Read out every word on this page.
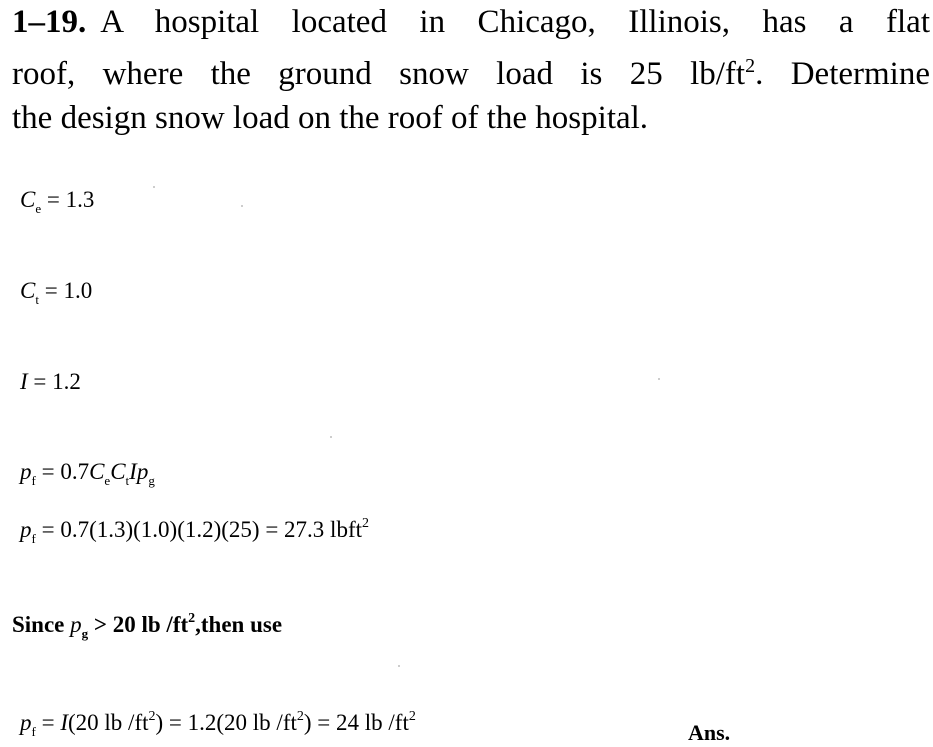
1–19. A hospital located in Chicago, Illinois, has a flat
roof, where the ground snow load is 25 $lb/ft^2$. Determine
the design snow load on the roof of the hospital.
$C_e = 1.3$
$C_t = 1.0$
I = 1.2
$p_f = 0.7C_eC_tIp_g$
$p_f = 0.7(1.3)(1.0)(1.2)(25) = 27.3$ lbft$^2$
Since $p_g > 20$ lb $/ft^2,then$ use
$p_f = I(20$ lb $/ft^2) = 1.2(20$ lb $/ft^2) = 24$ lb $/ft^2$
Ans.
